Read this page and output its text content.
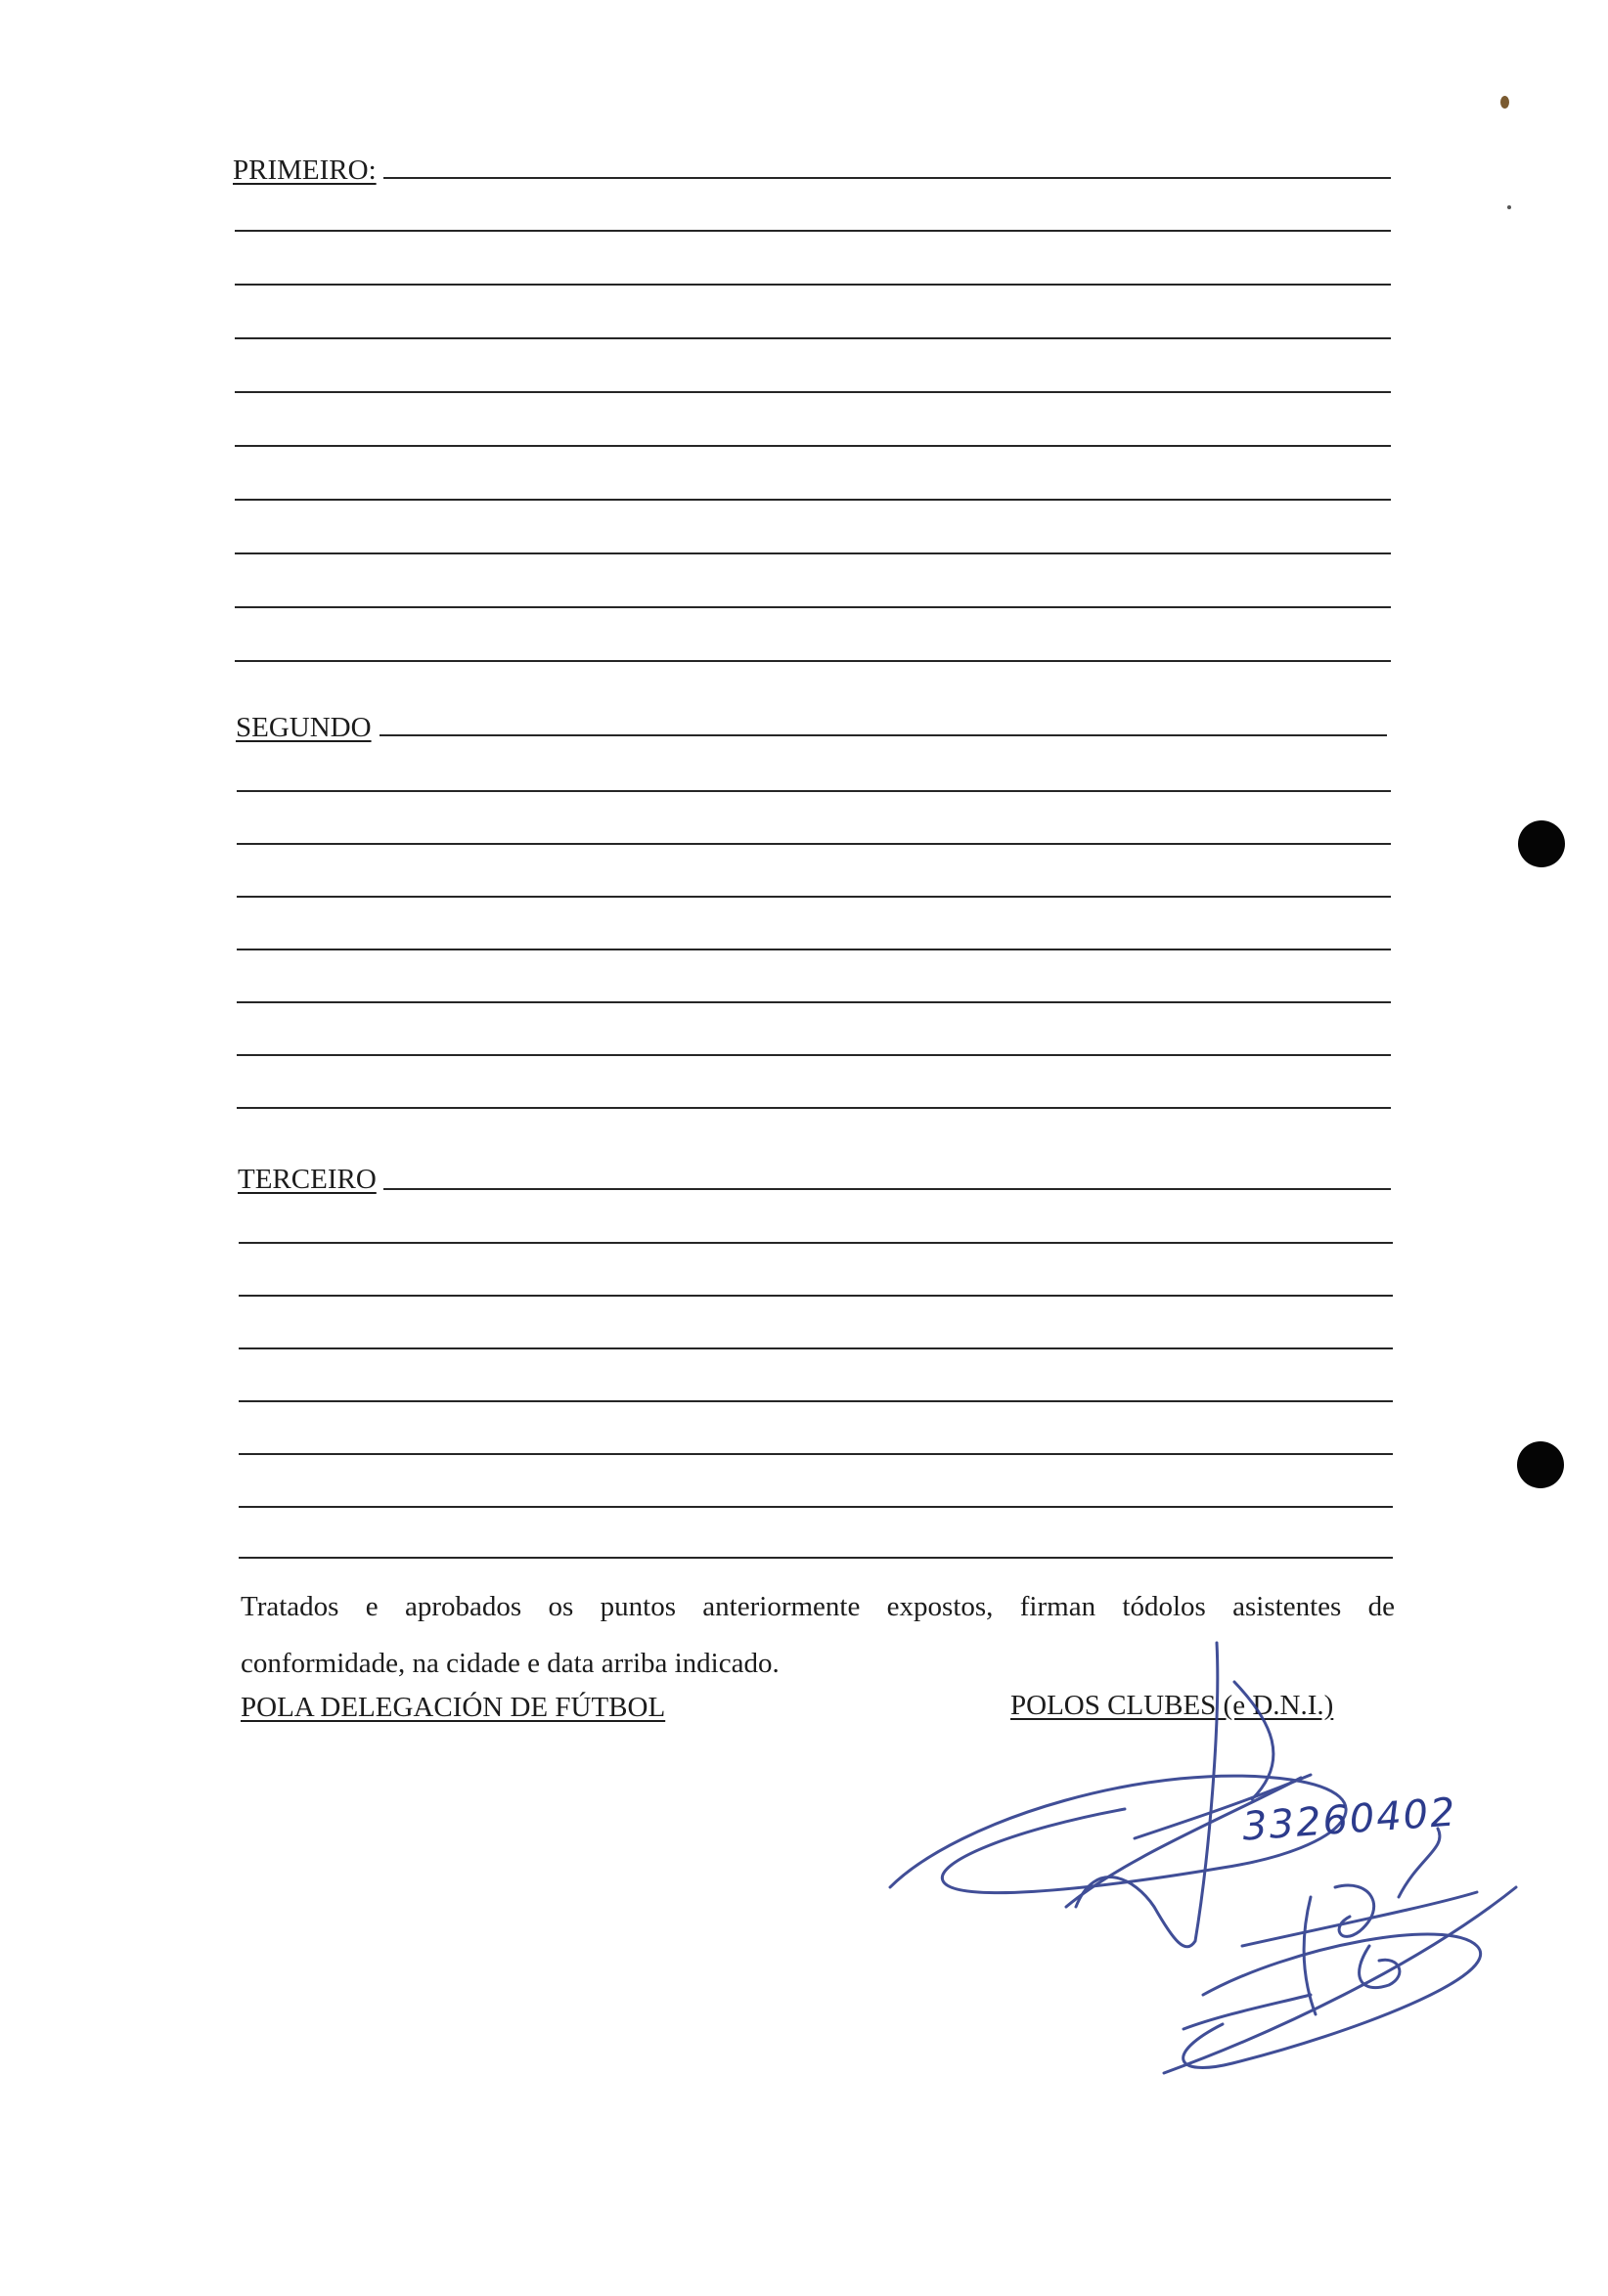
PRIMEIRO:
SEGUNDO
TERCEIRO
Tratados e aprobados os puntos anteriormente expostos, firman tódolos asistentes de
conformidade, na cidade e data arriba indicado.
POLA DELEGACIÓN DE FÚTBOL	POLOS CLUBES (e D.N.I.)
33260402
